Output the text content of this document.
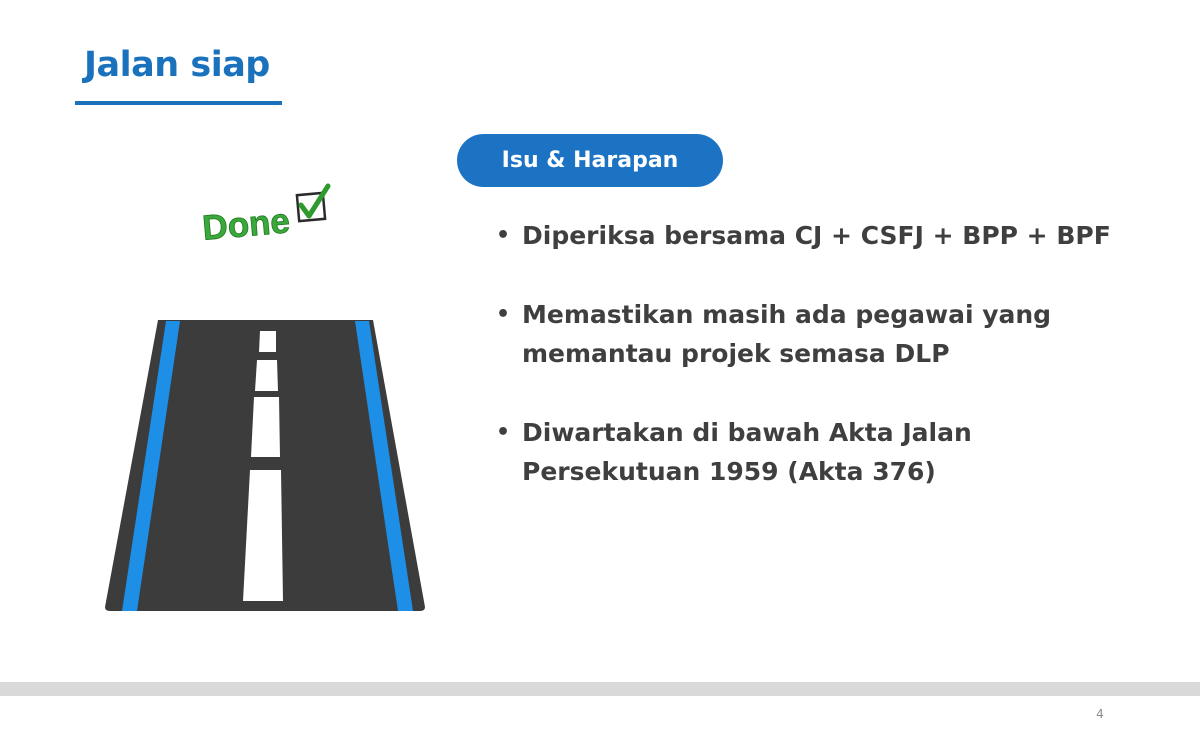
Jalan siap
Isu & Harapan
Done	• Diperiksa bersama CJ + CSFJ + BPP + BPF
• Memastikan masih ada pegawai yang
memantau projek semasa DLP
• Diwartakan di bawah Akta Jalan
Persekutuan 1959 (Akta 376)
4
